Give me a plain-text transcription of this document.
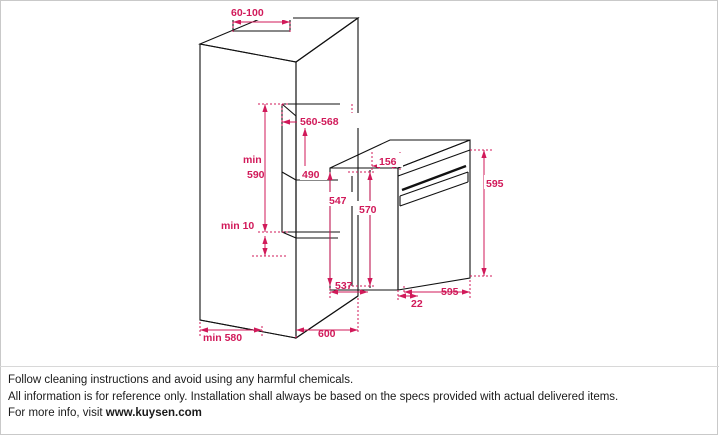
60-100
560-568
min
590	490
min 10
547
570
156
595
595
537
22
min 580	600
Follow cleaning instructions and avoid using any harmful chemicals.
All information is for reference only. Installation shall always be based on the specs provided with actual delivered items.
For more info, visit www.kuysen.com
